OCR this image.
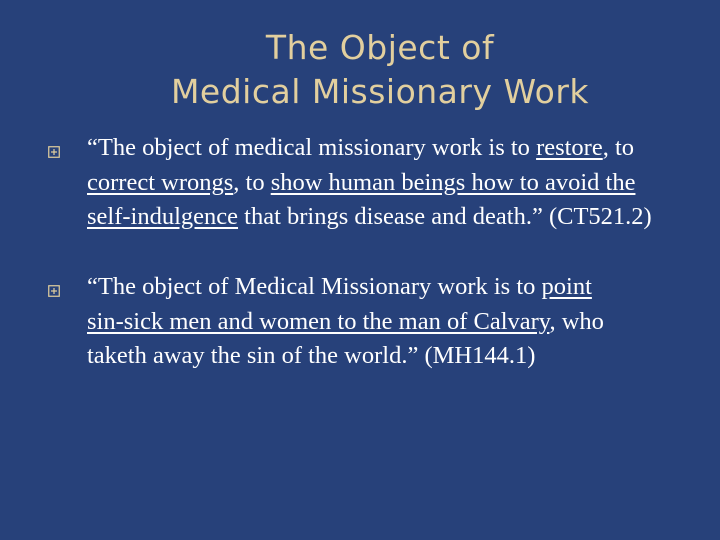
The Object of
Medical Missionary Work
“The object of medical missionary work is to restore, to correct wrongs, to show human beings how to avoid the self-indulgence that brings disease and death.” (CT521.2)
“The object of Medical Missionary work is to point sin‑sick men and women to the man of Calvary, who taketh away the sin of the world.” (MH144.1)
